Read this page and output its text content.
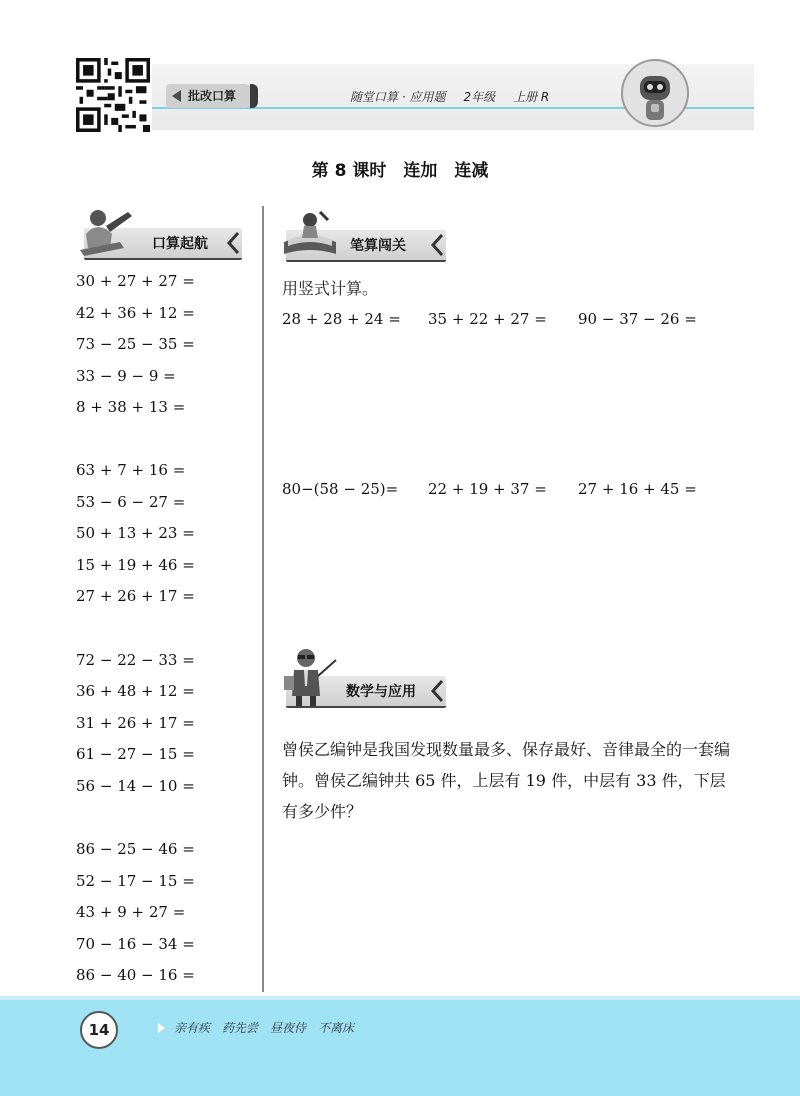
批改口算	随堂口算 · 应用题 2年级 上册 R
第 8 课时　连加　连减
口算起航
30 + 27 + 27 =
42 + 36 + 12 =
73 − 25 − 35 =
33 − 9 − 9 =
8 + 38 + 13 =
63 + 7 + 16 =
53 − 6 − 27 =
50 + 13 + 23 =
15 + 19 + 46 =
27 + 26 + 17 =
72 − 22 − 33 =
36 + 48 + 12 =
31 + 26 + 17 =
61 − 27 − 15 =
56 − 14 − 10 =
86 − 25 − 46 =
52 − 17 − 15 =
43 + 9 + 27 =
70 − 16 − 34 =
86 − 40 − 16 =
笔算闯关
用竖式计算。
28 + 28 + 24 = 35 + 22 + 27 = 90 − 37 − 26 =
80−(58 − 25)= 22 + 19 + 37 = 27 + 16 + 45 =
数学与应用
曾侯乙编钟是我国发现数量最多、保存最好、音律最全的一套编钟。曾侯乙编钟共 65 件，上层有 19 件，中层有 33 件，下层有多少件？
14	亲有疾 药先尝 昼夜侍 不离床
